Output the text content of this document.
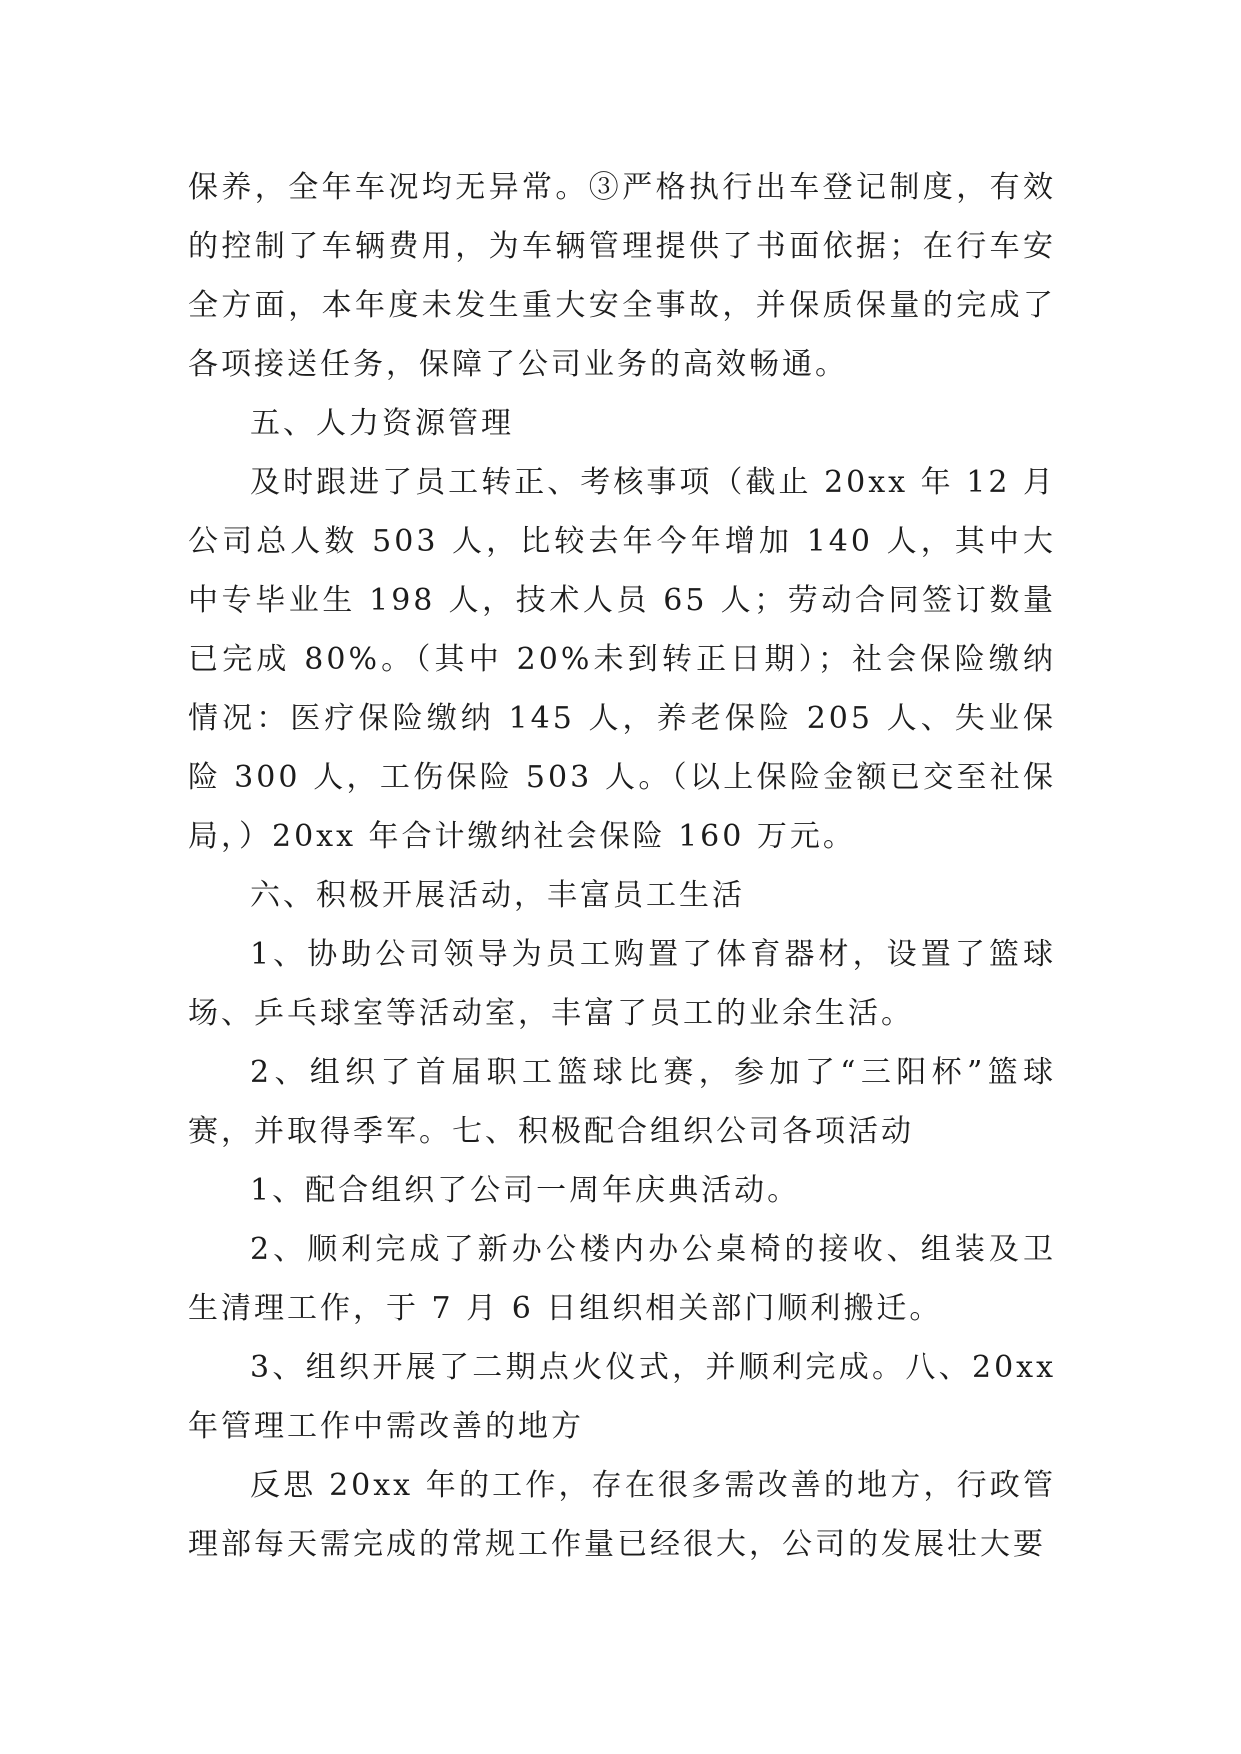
保养，全年车况均无异常。③严格执行出车登记制度，有效的控制了车辆费用，为车辆管理提供了书面依据；在行车安全方面，本年度未发生重大安全事故，并保质保量的完成了各项接送任务，保障了公司业务的高效畅通。

五、人力资源管理

及时跟进了员工转正、考核事项（截止 20xx 年 12 月公司总人数 503 人，比较去年今年增加 140 人，其中大中专毕业生 198 人，技术人员 65 人；劳动合同签订数量已完成 80%。（其中 20%未到转正日期）；社会保险缴纳情况：医疗保险缴纳 145 人，养老保险 205 人、失业保险 300 人，工伤保险 503 人。（以上保险金额已交至社保局，）20xx 年合计缴纳社会保险 160 万元。

六、积极开展活动，丰富员工生活

1、协助公司领导为员工购置了体育器材，设置了篮球场、乒乓球室等活动室，丰富了员工的业余生活。

2、组织了首届职工篮球比赛，参加了“三阳杯”篮球赛，并取得季军。七、积极配合组织公司各项活动

1、配合组织了公司一周年庆典活动。

2、顺利完成了新办公楼内办公桌椅的接收、组装及卫生清理工作，于 7 月 6 日组织相关部门顺利搬迁。

3、组织开展了二期点火仪式，并顺利完成。八、20xx 年管理工作中需改善的地方

反思 20xx 年的工作，存在很多需改善的地方，行政管理部每天需完成的常规工作量已经很大，公司的发展壮大要
